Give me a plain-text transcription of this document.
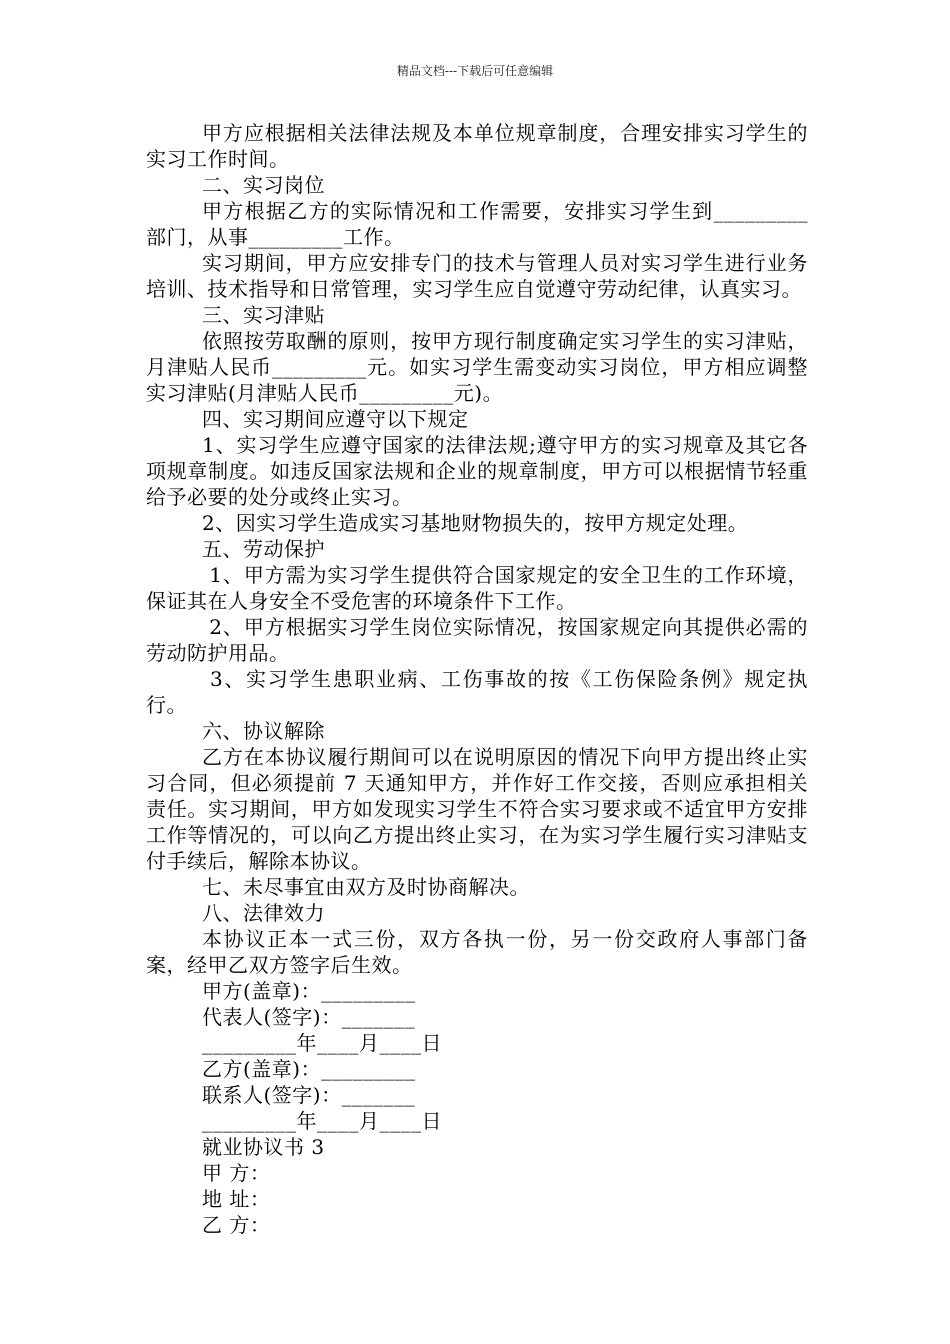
精品文档---下载后可任意编辑

甲方应根据相关法律法规及本单位规章制度，合理安排实习学生的实习工作时间。

二、实习岗位

甲方根据乙方的实际情况和工作需要，安排实习学生到_________部门，从事_________工作。

实习期间，甲方应安排专门的技术与管理人员对实习学生进行业务培训、技术指导和日常管理，实习学生应自觉遵守劳动纪律，认真实习。

三、实习津贴

依照按劳取酬的原则，按甲方现行制度确定实习学生的实习津贴，月津贴人民币_________元。如实习学生需变动实习岗位，甲方相应调整实习津贴(月津贴人民币_________元)。

四、实习期间应遵守以下规定

1、实习学生应遵守国家的法律法规;遵守甲方的实习规章及其它各项规章制度。如违反国家法规和企业的规章制度，甲方可以根据情节轻重给予必要的处分或终止实习。

2、因实习学生造成实习基地财物损失的，按甲方规定处理。

五、劳动保护

1、甲方需为实习学生提供符合国家规定的安全卫生的工作环境，保证其在人身安全不受危害的环境条件下工作。

2、甲方根据实习学生岗位实际情况，按国家规定向其提供必需的劳动防护用品。

3、实习学生患职业病、工伤事故的按《工伤保险条例》规定执行。

六、协议解除

乙方在本协议履行期间可以在说明原因的情况下向甲方提出终止实习合同，但必须提前 7 天通知甲方，并作好工作交接，否则应承担相关责任。实习期间，甲方如发现实习学生不符合实习要求或不适宜甲方安排工作等情况的，可以向乙方提出终止实习，在为实习学生履行实习津贴支付手续后，解除本协议。

七、未尽事宜由双方及时协商解决。

八、法律效力

本协议正本一式三份，双方各执一份，另一份交政府人事部门备案，经甲乙双方签字后生效。

甲方(盖章)：_________

代表人(签字)：_______

_________年____月____日

乙方(盖章)：_________

联系人(签字)：_______

_________年____月____日

就业协议书 3

甲 方：

地 址：

乙 方：
